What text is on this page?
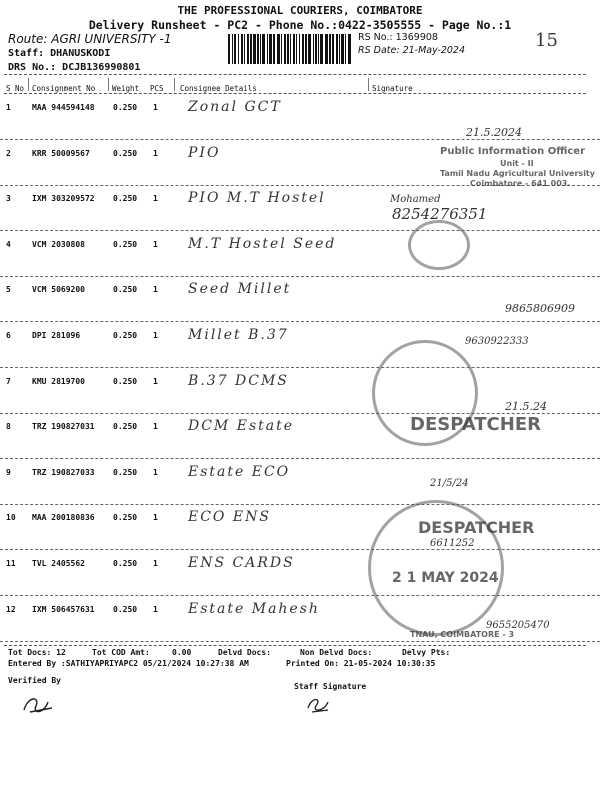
THE PROFESSIONAL COURIERS, COIMBATORE
Delivery Runsheet - PC2 - Phone No.:0422-3505555 - Page No.:1
Route: AGRI UNIVERSITY -1
Staff: DHANUSKODI
DRS No.: DCJB136990801
RS No.: 1369908
RS Date: 21-May-2024	15
S No Consignment No Weight PCS Consignee Details	Signature
1	MAA 944594148 0.250 1 Zonal GCT
2	KRR 50009567	0.250 1 PIO
3	IXM 303209572 0.250 1 PIO M.T Hostel
4	VCM 2030808	0.250 1 M.T Hostel Seed
5	VCM 5069200	0.250 1 Seed Millet
6	DPI 281096	0.250 1 Millet B.37
7	KMU 2819700	0.250 1 B.37 DCMS
8	TRZ 190827031 0.250 1 DCM Estate
9	TRZ 190827033 0.250 1 Estate ECO
10 MAA 200180836 0.250 1 ECO ENS
11 TVL 2405562	0.250 1 ENS CARDS
12 IXM 506457631 0.250 1 Estate Mahesh
Public Information Officer
Unit - II
Tamil Nadu Agricultural University
Coimbatore - 641 003.
DESPATCHER
DESPATCHER
2 1 MAY 2024
TNAU, COIMBATORE - 3
21.5.2024
Mohamed
8254276351
9865806909
9630922333
21.5.24
21/5/24
6611252
9655205470
Tot Docs: 12	Tot COD Amt:	0.00	Delvd Docs:	Non Delvd Docs:	Delvy Pts:
Entered By :SATHIYAPRIYAPC2 05/21/2024 10:27:38 AM	Printed On: 21-05-2024 10:30:35
Verified By
Staff Signature
